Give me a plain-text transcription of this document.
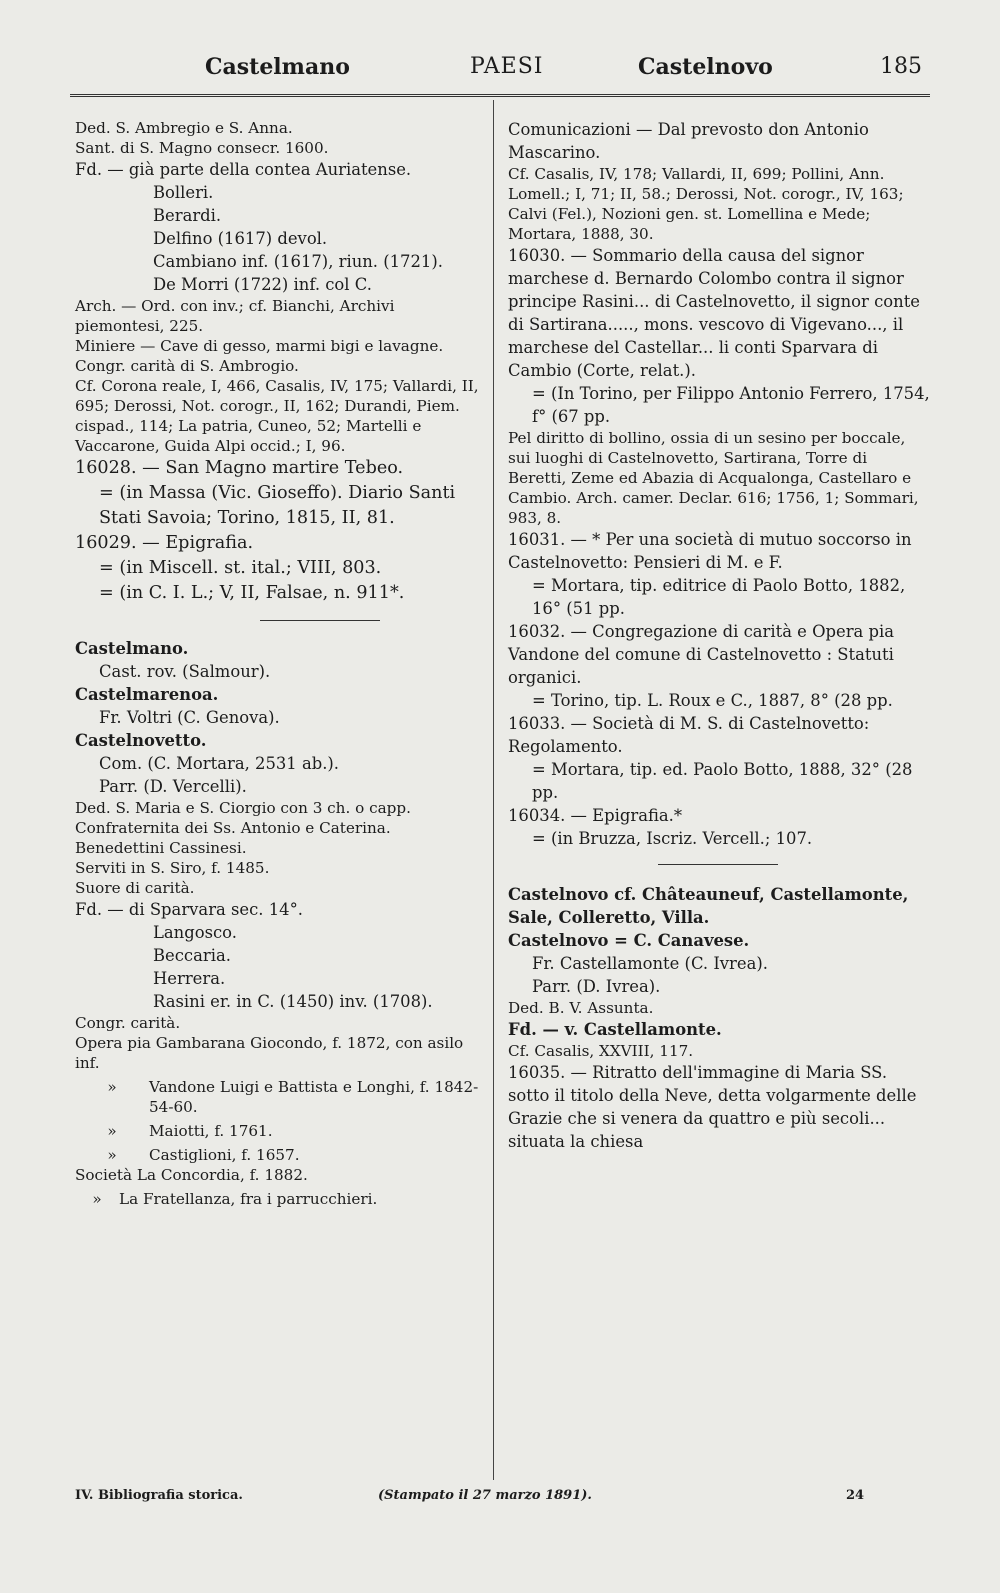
Castelmano	PAESI	Castelnovo	185

Ded. S. Ambregio e S. Anna.

Sant. di S. Magno consecr. 1600.

Fd. — già parte della contea Auriatense.

Bolleri.

Berardi.

Delfino (1617) devol.

Cambiano inf. (1617), riun. (1721).

De Morri (1722) inf. col C.

Arch. — Ord. con inv.; cf. Bianchi, Archivi piemontesi, 225.

Miniere — Cave di gesso, marmi bigi e lavagne.

Congr. carità di S. Ambrogio.

Cf. Corona reale, I, 466, Casalis, IV, 175; Vallardi, II, 695; Derossi, Not. corogr., II, 162; Durandi, Piem. cispad., 114; La patria, Cuneo, 52; Martelli e Vaccarone, Guida Alpi occid.; I, 96.

16028. — San Magno martire Tebeo.

= (in Massa (Vic. Gioseffo). Diario Santi Stati Savoia; Torino, 1815, II, 81.

16029. — Epigrafia.

= (in Miscell. st. ital.; VIII, 803.

= (in C. I. L.; V, II, Falsae, n. 911*.

Castelmano.

Cast. rov. (Salmour).

Castelmarenoa.

Fr. Voltri (C. Genova).

Castelnovetto.

Com. (C. Mortara, 2531 ab.).

Parr. (D. Vercelli).

Ded. S. Maria e S. Ciorgio con 3 ch. o capp.

Confraternita dei Ss. Antonio e Caterina.

Benedettini Cassinesi.

Serviti in S. Siro, f. 1485.

Suore di carità.

Fd. — di Sparvara sec. 14°.

Langosco.

Beccaria.

Herrera.

Rasini er. in C. (1450) inv. (1708).

Congr. carità.

Opera pia Gambarana Giocondo, f. 1872, con asilo inf.

»	Vandone Luigi e Battista e Longhi, f. 1842-54-60.
»	Maiotti, f. 1761.
»	Castiglioni, f. 1657.

Società La Concordia, f. 1882.

»	La Fratellanza, fra i parrucchieri.

Comunicazioni — Dal prevosto don Antonio Mascarino.

Cf. Casalis, IV, 178; Vallardi, II, 699; Pollini, Ann. Lomell.; I, 71; II, 58.; Derossi, Not. corogr., IV, 163; Calvi (Fel.), Nozioni gen. st. Lomellina e Mede; Mortara, 1888, 30.

16030. — Sommario della causa del signor marchese d. Bernardo Colombo contra il signor principe Rasini... di Castelnovetto, il signor conte di Sartirana....., mons. vescovo di Vigevano..., il marchese del Castellar... li conti Sparvara di Cambio (Corte, relat.).

= (In Torino, per Filippo Antonio Ferrero, 1754, f° (67 pp.

Pel diritto di bollino, ossia di un sesino per boccale, sui luoghi di Castelnovetto, Sartirana, Torre di Beretti, Zeme ed Abazia di Acqualonga, Castellaro e Cambio. Arch. camer. Declar. 616; 1756, 1; Sommari, 983, 8.

16031. — * Per una società di mutuo soccorso in Castelnovetto: Pensieri di M. e F.

= Mortara, tip. editrice di Paolo Botto, 1882, 16° (51 pp.

16032. — Congregazione di carità e Opera pia Vandone del comune di Castelnovetto : Statuti organici.

= Torino, tip. L. Roux e C., 1887, 8° (28 pp.

16033. — Società di M. S. di Castelnovetto: Regolamento.

= Mortara, tip. ed. Paolo Botto, 1888, 32° (28 pp.

16034. — Epigrafia.*

= (in Bruzza, Iscriz. Vercell.; 107.

Castelnovo cf. Châteauneuf, Castellamonte, Sale, Colleretto, Villa.

Castelnovo = C. Canavese.

Fr. Castellamonte (C. Ivrea).

Parr. (D. Ivrea).

Ded. B. V. Assunta.

Fd. — v. Castellamonte.

Cf. Casalis, XXVIII, 117.

16035. — Ritratto dell'immagine di Maria SS. sotto il titolo della Neve, detta volgarmente delle Grazie che si venera da quattro e più secoli... situata la chiesa

IV. Bibliografia storica.	(Stampato il 27 marzo 1891).	24
